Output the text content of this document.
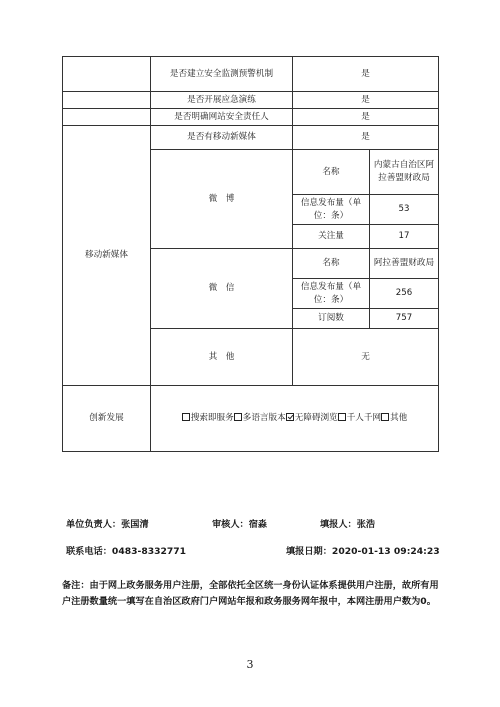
	是否建立安全监测预警机制	是	
	是否开展应急演练	是	
	是否明确网站安全责任人	是	
移动新媒体	是否有移动新媒体	是	
	微　博	名称	内蒙古自治区阿拉善盟财政局
		信息发布量（单位：条）	53
		关注量	17
	微　信	名称	阿拉善盟财政局
		信息发布量（单位：条）	256
		订阅数	757
	其　他	无	
创新发展	搜索即服务 多语言版本 无障碍浏览 千人千网 其他		
单位负责人：张国清	审核人：宿淼	填报人：张浩
联系电话：0483-8332771	填报日期：2020-01-13 09:24:23
备注：由于网上政务服务用户注册，全部依托全区统一身份认证体系提供用户注册，故所有用户注册数量统一填写在自治区政府门户网站年报和政务服务网年报中，本网注册用户数为0。
3
